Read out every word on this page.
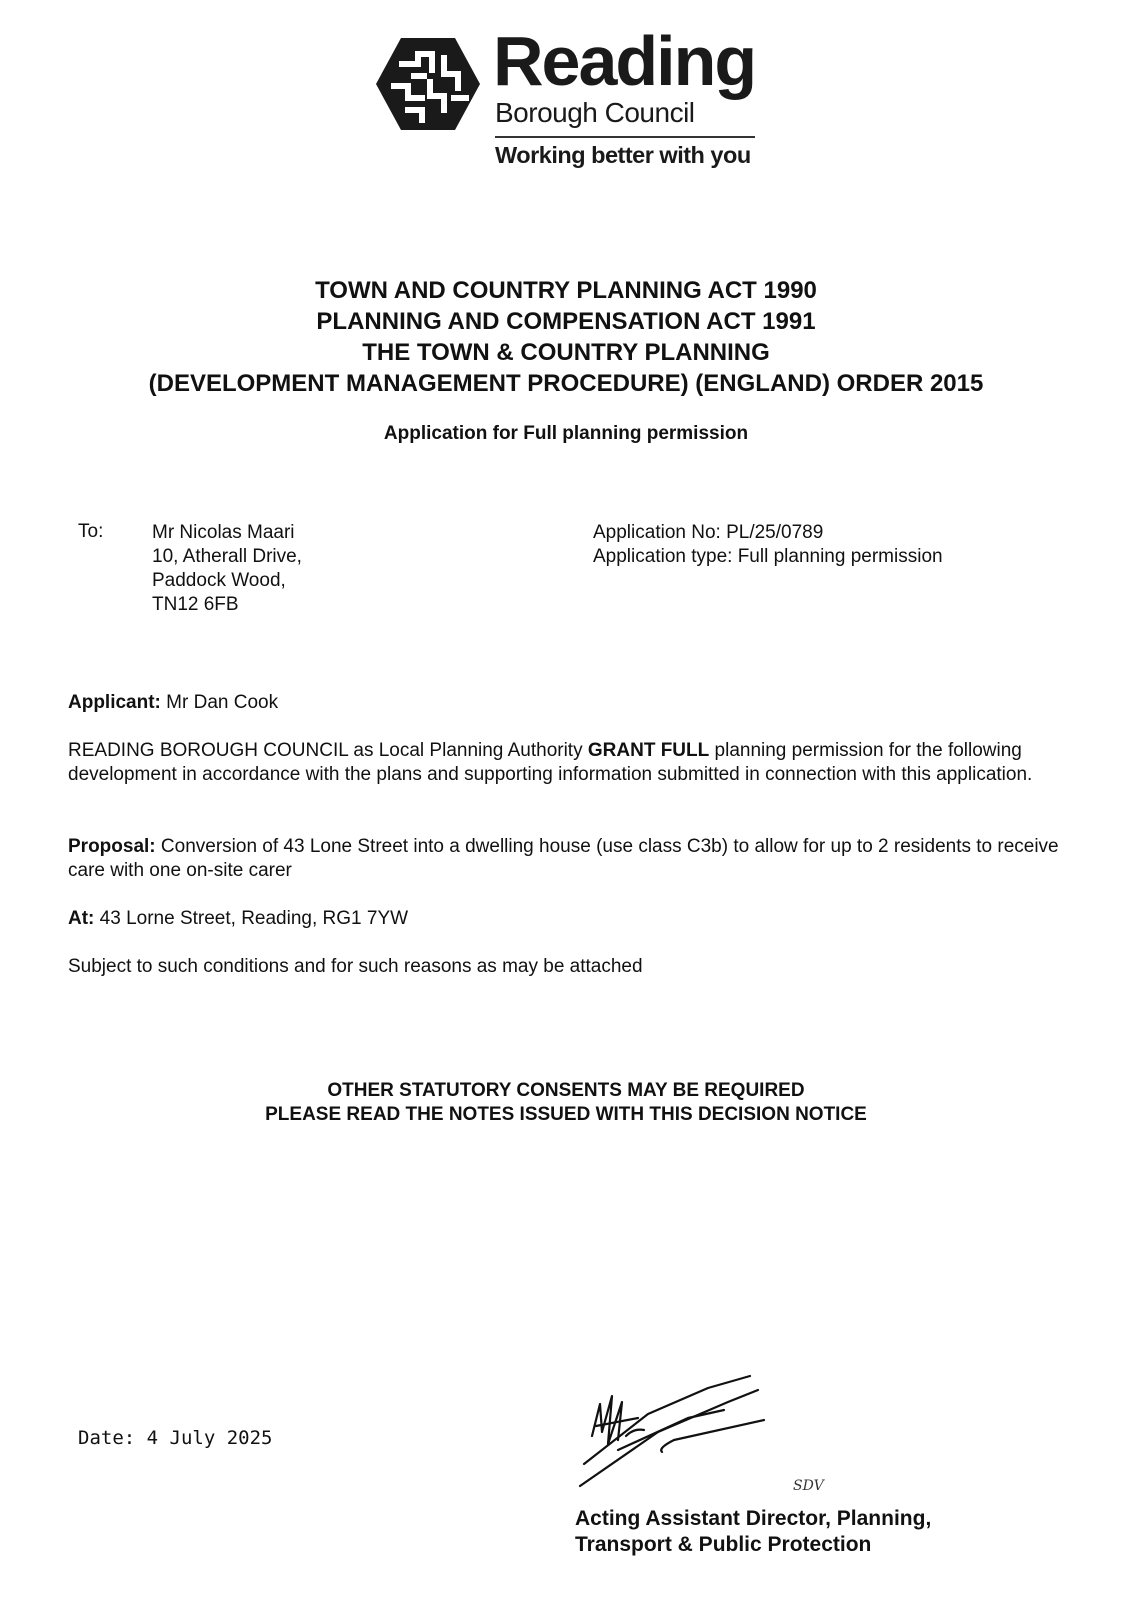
Reading
Borough Council
Working better with you
TOWN AND COUNTRY PLANNING ACT 1990
PLANNING AND COMPENSATION ACT 1991
THE TOWN & COUNTRY PLANNING
(DEVELOPMENT MANAGEMENT PROCEDURE) (ENGLAND) ORDER 2015
Application for Full planning permission
To:	Mr Nicolas Maari
10, Atherall Drive,
Paddock Wood,
TN12 6FB
Application No: PL/25/0789
Application type: Full planning permission
Applicant: Mr Dan Cook
READING BOROUGH COUNCIL as Local Planning Authority GRANT FULL planning permission for the following development in accordance with the plans and supporting information submitted in connection with this application.
Proposal: Conversion of 43 Lone Street into a dwelling house (use class C3b) to allow for up to 2 residents to receive care with one on-site carer
At: 43 Lorne Street, Reading, RG1 7YW
Subject to such conditions and for such reasons as may be attached
OTHER STATUTORY CONSENTS MAY BE REQUIRED
PLEASE READ THE NOTES ISSUED WITH THIS DECISION NOTICE
Date: 4 July 2025
SDV
Acting Assistant Director, Planning,
Transport & Public Protection
